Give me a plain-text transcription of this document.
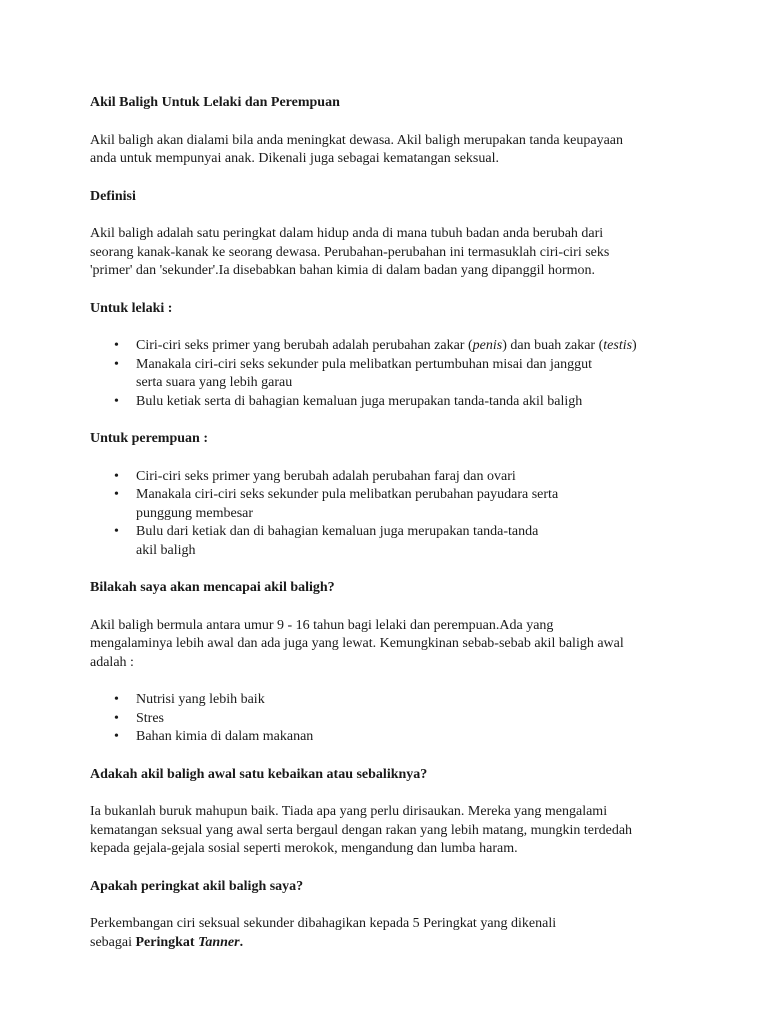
Akil Baligh Untuk Lelaki dan Perempuan

Akil baligh akan dialami bila anda meningkat dewasa. Akil baligh merupakan tanda keupayaan
anda untuk mempunyai anak. Dikenali juga sebagai kematangan seksual.

Definisi

Akil baligh adalah satu peringkat dalam hidup anda di mana tubuh badan anda berubah dari
seorang kanak-kanak ke seorang dewasa. Perubahan-perubahan ini termasuklah ciri-ciri seks
'primer' dan 'sekunder'.Ia disebabkan bahan kimia di dalam badan yang dipanggil hormon.

Untuk lelaki :
• Ciri-ciri seks primer yang berubah adalah perubahan zakar (penis) dan buah zakar (testis)
• Manakala ciri-ciri seks sekunder pula melibatkan pertumbuhan misai dan janggut
serta suara yang lebih garau
• Bulu ketiak serta di bahagian kemaluan juga merupakan tanda-tanda akil baligh
Untuk perempuan :
• Ciri-ciri seks primer yang berubah adalah perubahan faraj dan ovari
• Manakala ciri-ciri seks sekunder pula melibatkan perubahan payudara serta
punggung membesar
• Bulu dari ketiak dan di bahagian kemaluan juga merupakan tanda-tanda
akil baligh
Bilakah saya akan mencapai akil baligh?

Akil baligh bermula antara umur 9 - 16 tahun bagi lelaki dan perempuan.Ada yang
mengalaminya lebih awal dan ada juga yang lewat. Kemungkinan sebab-sebab akil baligh awal
adalah :

• Nutrisi yang lebih baik
• Stres
• Bahan kimia di dalam makanan
Adakah akil baligh awal satu kebaikan atau sebaliknya?

Ia bukanlah buruk mahupun baik. Tiada apa yang perlu dirisaukan. Mereka yang mengalami
kematangan seksual yang awal serta bergaul dengan rakan yang lebih matang, mungkin terdedah
kepada gejala-gejala sosial seperti merokok, mengandung dan lumba haram.

Apakah peringkat akil baligh saya?

Perkembangan ciri seksual sekunder dibahagikan kepada 5 Peringkat yang dikenali
sebagai Peringkat Tanner.
